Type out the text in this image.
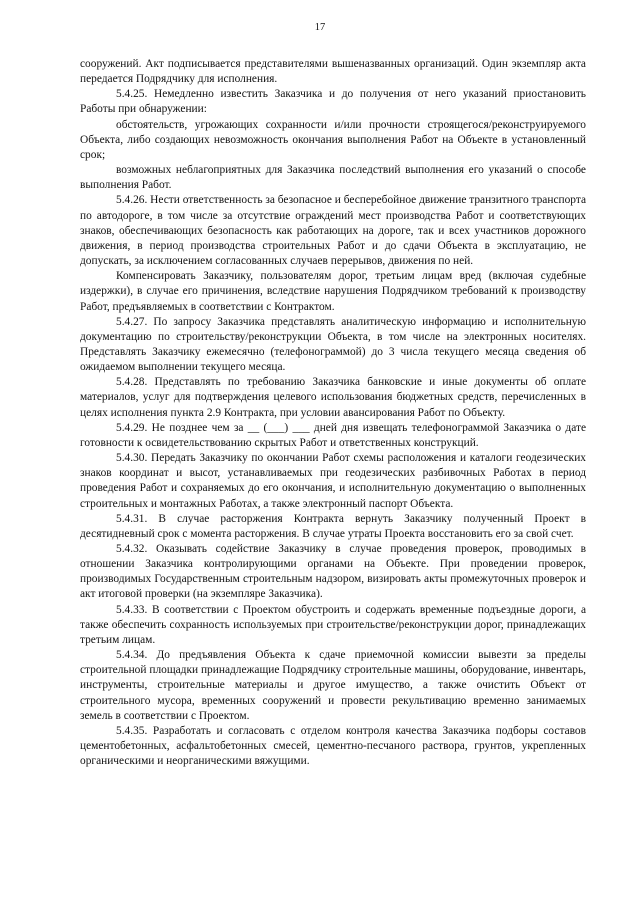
17

сооружений. Акт подписывается представителями вышеназванных организаций. Один экземпляр акта передается Подрядчику для исполнения.

5.4.25. Немедленно известить Заказчика и до получения от него указаний приостановить Работы при обнаружении:

обстоятельств, угрожающих сохранности и/или прочности строящегося/реконструируемого Объекта, либо создающих невозможность окончания выполнения Работ на Объекте в установленный срок;

возможных неблагоприятных для Заказчика последствий выполнения его указаний о способе выполнения Работ.

5.4.26. Нести ответственность за безопасное и бесперебойное движение транзитного транспорта по автодороге, в том числе за отсутствие ограждений мест производства Работ и соответствующих знаков, обеспечивающих безопасность как работающих на дороге, так и всех участников дорожного движения, в период производства строительных Работ и до сдачи Объекта в эксплуатацию, не допускать, за исключением согласованных случаев перерывов, движения по ней.

Компенсировать Заказчику, пользователям дорог, третьим лицам вред (включая судебные издержки), в случае его причинения, вследствие нарушения Подрядчиком требований к производству Работ, предъявляемых в соответствии с Контрактом.

5.4.27. По запросу Заказчика представлять аналитическую информацию и исполнительную документацию по строительству/реконструкции Объекта, в том числе на электронных носителях. Представлять Заказчику ежемесячно (телефонограммой) до 3 числа текущего месяца сведения об ожидаемом выполнении текущего месяца.

5.4.28. Представлять по требованию Заказчика банковские и иные документы об оплате материалов, услуг для подтверждения целевого использования бюджетных средств, перечисленных в целях исполнения пункта 2.9 Контракта, при условии авансирования Работ по Объекту.

5.4.29. Не позднее чем за __ (___) ___ дней дня извещать телефонограммой Заказчика о дате готовности к освидетельствованию скрытых Работ и ответственных конструкций.

5.4.30. Передать Заказчику по окончании Работ схемы расположения и каталоги геодезических знаков координат и высот, устанавливаемых при геодезических разбивочных Работах в период проведения Работ и сохраняемых до его окончания, и исполнительную документацию о выполненных строительных и монтажных Работах, а также электронный паспорт Объекта.

5.4.31. В случае расторжения Контракта вернуть Заказчику полученный Проект в десятидневный срок с момента расторжения. В случае утраты Проекта восстановить его за свой счет.

5.4.32. Оказывать содействие Заказчику в случае проведения проверок, проводимых в отношении Заказчика контролирующими органами на Объекте. При проведении проверок, производимых Государственным строительным надзором, визировать акты промежуточных проверок и акт итоговой проверки (на экземпляре Заказчика).

5.4.33. В соответствии с Проектом обустроить и содержать временные подъездные дороги, а также обеспечить сохранность используемых при строительстве/реконструкции дорог, принадлежащих третьим лицам.

5.4.34. До предъявления Объекта к сдаче приемочной комиссии вывезти за пределы строительной площадки принадлежащие Подрядчику строительные машины, оборудование, инвентарь, инструменты, строительные материалы и другое имущество, а также очистить Объект от строительного мусора, временных сооружений и провести рекультивацию временно занимаемых земель в соответствии с Проектом.

5.4.35. Разработать и согласовать с отделом контроля качества Заказчика подборы составов цементобетонных, асфальтобетонных смесей, цементно-песчаного раствора, грунтов, укрепленных органическими и неорганическими вяжущими.
